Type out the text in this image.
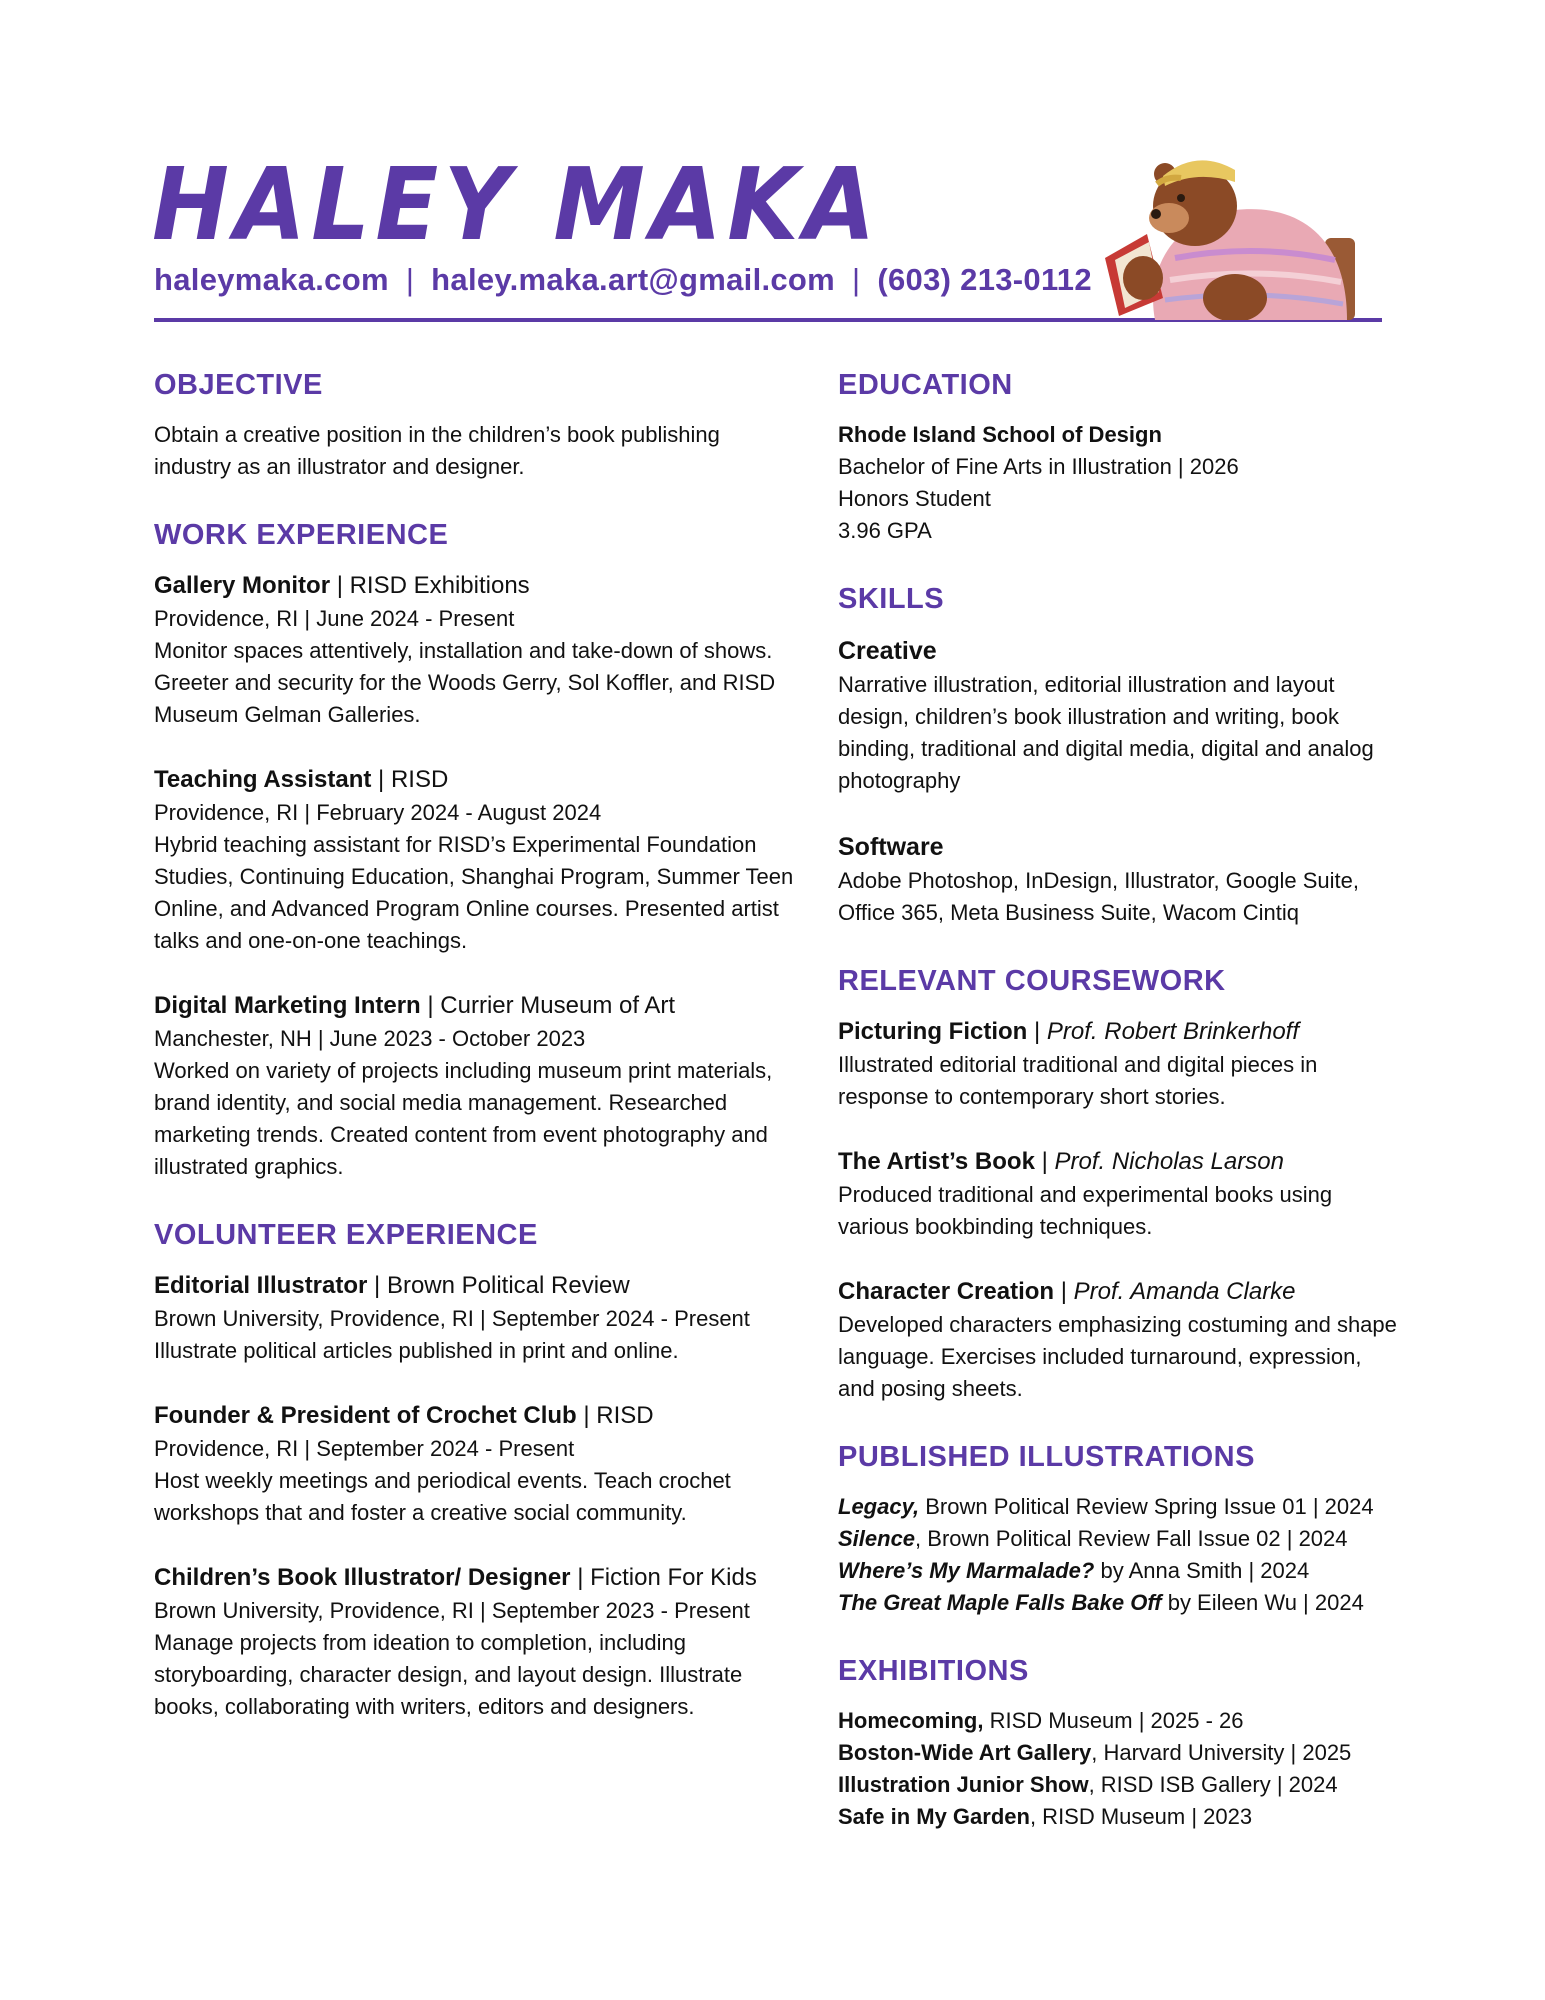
HALEY MAKA
haleymaka.com | haley.maka.art@gmail.com | (603) 213-0112
OBJECTIVE

Obtain a creative position in the children’s book publishing industry as an illustrator and designer.

WORK EXPERIENCE

Gallery Monitor | RISD Exhibitions

Providence, RI | June 2024 - Present

Monitor spaces attentively, installation and take-down of shows. Greeter and security for the Woods Gerry, Sol Koffler, and RISD Museum Gelman Galleries.

Teaching Assistant | RISD

Providence, RI | February 2024 - August 2024

Hybrid teaching assistant for RISD’s Experimental Foundation Studies, Continuing Education, Shanghai Program, Summer Teen Online, and Advanced Program Online courses. Presented artist talks and one-on-one teachings.

Digital Marketing Intern | Currier Museum of Art

Manchester, NH | June 2023 - October 2023

Worked on variety of projects including museum print materials, brand identity, and social media management. Researched marketing trends. Created content from event photography and illustrated graphics.

VOLUNTEER EXPERIENCE

Editorial Illustrator | Brown Political Review

Brown University, Providence, RI | September 2024 - Present

Illustrate political articles published in print and online.

Founder & President of Crochet Club | RISD

Providence, RI | September 2024 - Present

Host weekly meetings and periodical events. Teach crochet workshops that and foster a creative social community.

Children’s Book Illustrator/ Designer | Fiction For Kids

Brown University, Providence, RI | September 2023 - Present

Manage projects from ideation to completion, including storyboarding, character design, and layout design. Illustrate books, collaborating with writers, editors and designers.

EDUCATION

Rhode Island School of Design

Bachelor of Fine Arts in Illustration | 2026

Honors Student

3.96 GPA

SKILLS

Creative

Narrative illustration, editorial illustration and layout design, children’s book illustration and writing, book binding, traditional and digital media, digital and analog photography

Software

Adobe Photoshop, InDesign, Illustrator, Google Suite, Office 365, Meta Business Suite, Wacom Cintiq

RELEVANT COURSEWORK

Picturing Fiction | Prof. Robert Brinkerhoff

Illustrated editorial traditional and digital pieces in response to contemporary short stories.

The Artist’s Book | Prof. Nicholas Larson

Produced traditional and experimental books using various bookbinding techniques.

Character Creation | Prof. Amanda Clarke

Developed characters emphasizing costuming and shape language. Exercises included turnaround, expression, and posing sheets.

PUBLISHED ILLUSTRATIONS

Legacy, Brown Political Review Spring Issue 01 | 2024

Silence, Brown Political Review Fall Issue 02 | 2024

Where’s My Marmalade? by Anna Smith | 2024

The Great Maple Falls Bake Off by Eileen Wu | 2024

EXHIBITIONS

Homecoming, RISD Museum | 2025 - 26

Boston-Wide Art Gallery, Harvard University | 2025

Illustration Junior Show, RISD ISB Gallery | 2024

Safe in My Garden, RISD Museum | 2023
